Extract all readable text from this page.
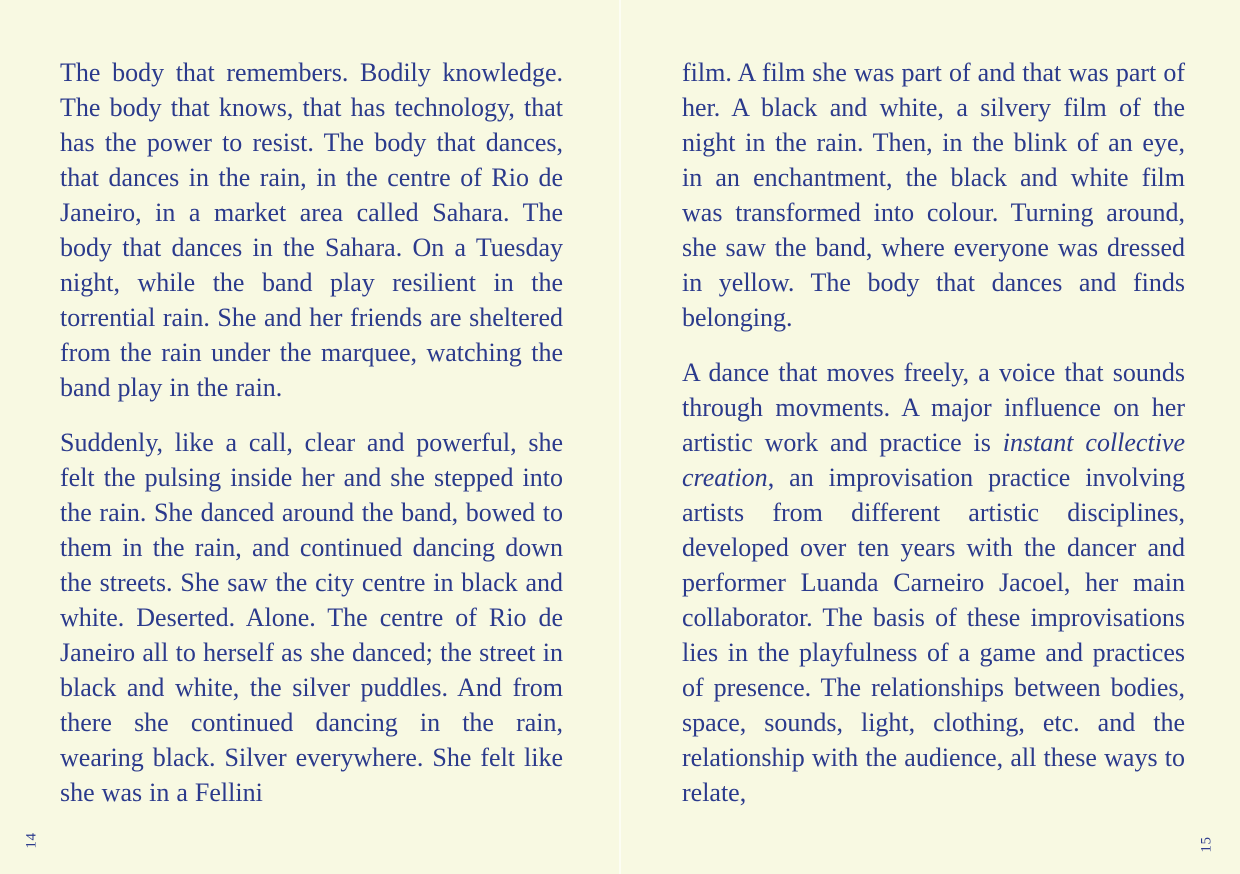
The body that remembers. Bodily knowledge. The body that knows, that has technology, that has the power to resist. The body that dances, that dances in the rain, in the centre of Rio de Janeiro, in a market area called Sahara. The body that dances in the Sahara. On a Tuesday night, while the band play resilient in the torrential rain. She and her friends are sheltered from the rain under the marquee, watching the band play in the rain.

Suddenly, like a call, clear and powerful, she felt the pulsing inside her and she stepped into the rain. She danced around the band, bowed to them in the rain, and continued dancing down the streets. She saw the city centre in black and white. Deserted. Alone. The centre of Rio de Janeiro all to herself as she danced; the street in black and white, the silver puddles. And from there she continued dancing in the rain, wearing black. Silver everywhere. She felt like she was in a Fellini

14

film. A film she was part of and that was part of her. A black and white, a silvery film of the night in the rain. Then, in the blink of an eye, in an enchantment, the black and white film was transformed into colour. Turning around, she saw the band, where everyone was dressed in yellow. The body that dances and finds belonging.

A dance that moves freely, a voice that sounds through movments. A major influence on her artistic work and practice is instant collective creation, an improvisation practice involving artists from different artistic disciplines, developed over ten years with the dancer and performer Luanda Carneiro Jacoel, her main collaborator. The basis of these improvisations lies in the playfulness of a game and practices of presence. The relationships between bodies, space, sounds, light, clothing, etc. and the relationship with the audience, all these ways to relate,

15
